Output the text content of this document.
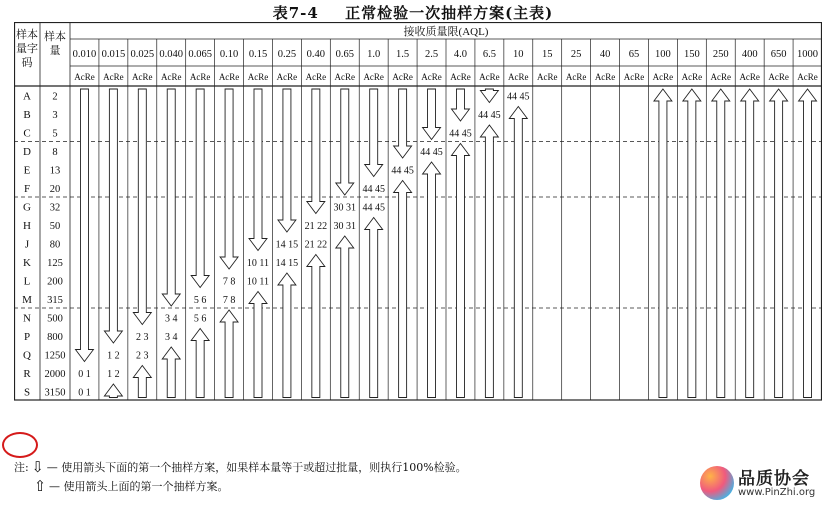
表7-4 正常检验一次抽样方案(主表)
样本
量字
码
样本
量
接收质量限(AQL)
0.010
AcRe
0.015
AcRe
0.025
AcRe
0.040
AcRe
0.065
AcRe
0.10
AcRe
0.15
AcRe
0.25
AcRe
0.40
AcRe
0.65
AcRe
1.0
AcRe
1.5
AcRe
2.5
AcRe
4.0
AcRe
6.5
AcRe
10
AcRe
15
AcRe
25
AcRe
40
AcRe
65
AcRe
100
AcRe
150
AcRe
250
AcRe
400
AcRe
650
AcRe
1000
AcRe
A 2
B 3
C 5
D 8
E 13
F 20
G 32
H 50
J 80
K 125
L 200
M 315
N 500
P 800
Q 1250
R 2000
S 3150
44 45
44 45
44 45
44 45
44 45
44 45
30 31
21 22
14 15
10 11
7 8
5 6
3 4
2 3
1 2
0 1
0 1
1 2
2 3
3 4
5 6
7 8
10 11
14 15
21 22
30 31
44 45
注: ⇩ — 使用箭头下面的第一个抽样方案，如果样本量等于或超过批量，则执行100%检验。
⇧ — 使用箭头上面的第一个抽样方案。	品质协会
www.PinZhi.org
